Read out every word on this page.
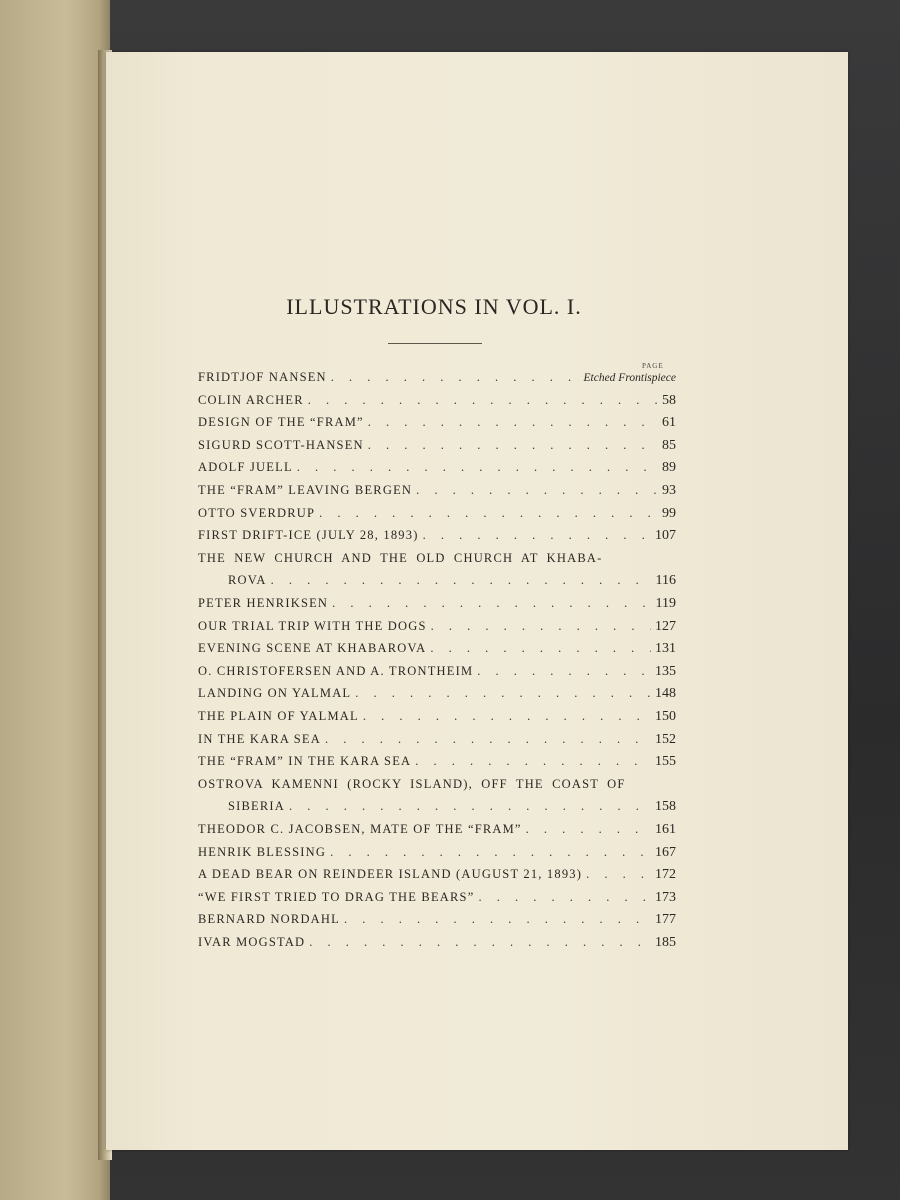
ILLUSTRATIONS IN VOL. I.
PAGE
FRIDTJOF NANSEN . . .	Etched Frontispiece
COLIN ARCHER . . .	58
DESIGN OF THE “FRAM” . . .	61
SIGURD SCOTT-HANSEN . . .	85
ADOLF JUELL . . .	89
THE “FRAM” LEAVING BERGEN . . .	93
OTTO SVERDRUP . . .	99
FIRST DRIFT-ICE (JULY 28, 1893) . . .	107
THE NEW CHURCH AND THE OLD CHURCH AT KHABA-
ROVA . . .	116
PETER HENRIKSEN . . .	119
OUR TRIAL TRIP WITH THE DOGS . . .	127
EVENING SCENE AT KHABAROVA . . .	131
O. CHRISTOFERSEN AND A. TRONTHEIM . . .	135
LANDING ON YALMAL . . .	148
THE PLAIN OF YALMAL . . .	150
IN THE KARA SEA . . .	152
THE “FRAM” IN THE KARA SEA . . .	155
OSTROVA KAMENNI (ROCKY ISLAND), OFF THE COAST OF
SIBERIA . . .	158
THEODOR C. JACOBSEN, MATE OF THE “FRAM” . . .	161
HENRIK BLESSING . . .	167
A DEAD BEAR ON REINDEER ISLAND (AUGUST 21, 1893) . . .	172
“WE FIRST TRIED TO DRAG THE BEARS” . . .	173
BERNARD NORDAHL . . .	177
IVAR MOGSTAD . . .	185
